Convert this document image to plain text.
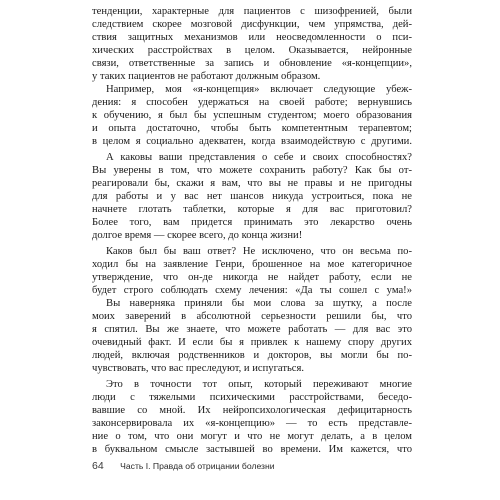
тенденции, характерные для пациентов с шизофренией, были
следствием скорее мозговой дисфункции, чем упрямства, дей-
ствия защитных механизмов или неосведомленности о пси-
хических расстройствах в целом. Оказывается, нейронные
связи, ответственные за запись и обновление «я-концепции»,
у таких пациентов не работают должным образом.
Например, моя «я-концепция» включает следующие убеж-
дения: я способен удержаться на своей работе; вернувшись
к обучению, я был бы успешным студентом; моего образования
и опыта достаточно, чтобы быть компетентным терапевтом;
в целом я социально адекватен, когда взаимодействую с другими.
А каковы ваши представления о себе и своих способностях?
Вы уверены в том, что можете сохранить работу? Как бы от-
реагировали бы, скажи я вам, что вы не правы и не пригодны
для работы и у вас нет шансов никуда устроиться, пока не
начнете глотать таблетки, которые я для вас приготовил?
Более того, вам придется принимать это лекарство очень
долгое время — скорее всего, до конца жизни!
Каков был бы ваш ответ? Не исключено, что он весьма по-
ходил бы на заявление Генри, брошенное на мое категоричное
утверждение, что он-де никогда не найдет работу, если не
будет строго соблюдать схему лечения: «Да ты сошел с ума!»
Вы наверняка приняли бы мои слова за шутку, а после
моих заверений в абсолютной серьезности решили бы, что
я спятил. Вы же знаете, что можете работать — для вас это
очевидный факт. И если бы я привлек к нашему спору других
людей, включая родственников и докторов, вы могли бы по-
чувствовать, что вас преследуют, и испугаться.
Это в точности тот опыт, который переживают многие
люди с тяжелыми психическими расстройствами, беседо-
вавшие со мной. Их нейропсихологическая дефицитарность
законсервировала их «я-концепцию» — то есть представле-
ние о том, что они могут и что не могут делать, а в целом
в буквальном смысле застывшей во времени. Им кажется, что
64 Часть I. Правда об отрицании болезни
